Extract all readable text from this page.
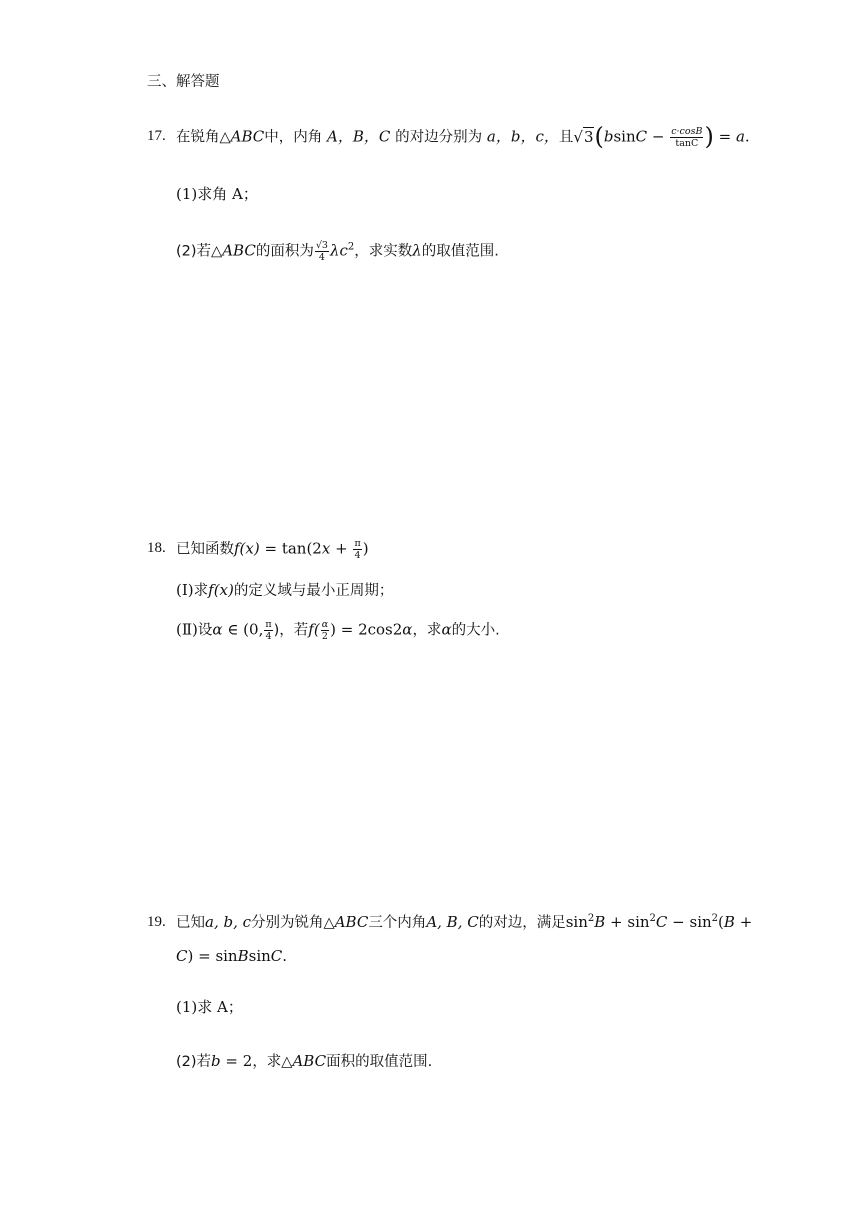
三、解答题
17. 在锐角△ABC中，内角 A，B，C 的对边分别为 a，b，c，且$√3(bsinC - \frac{c\cdot\cos B}{\tan C}$ ) = a.
(1)求角 A；
(2)若△ABC的面积为 $\frac{√3}{4} \lambda c^2$，求实数λ的取值范围.
18. 已知函数$f(x) = \tan(2x + \frac{\pi}{4}$ )
(Ⅰ)求f(x)的定义域与最小正周期；
(Ⅱ)设α ∈ (0, $\frac{\pi}{4}$ )，若$f( \frac{\alpha}{2}$ ) = 2cos2α，求α的大小.
19. 已知a, b, c分别为锐角△ABC三个内角A, B, C的对边，满足$\sin^2B + \sin^2C - \sin^2(B$ +
C) = sinBsinC.
(1)求 A；
(2)若b = 2，求△ABC面积的取值范围.
